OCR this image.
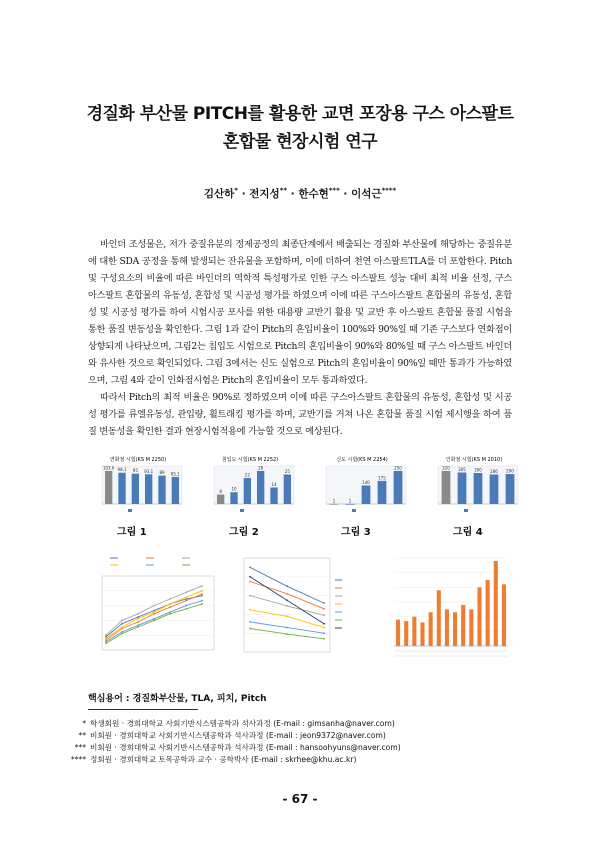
경질화 부산물 PITCH를 활용한 교면 포장용 구스 아스팔트
혼합물 현장시험 연구
김산하* · 전지성** · 한수현*** · 이석근****

바인더 조성물은, 저가 중질유분의 정제공정의 최종단계에서 배출되는 경질화 부산물에 해당하는 중질유분에 대한 SDA 공정을 통해 발생되는 잔유물을 포함하며, 이에 더하여 천연 아스팔트TLA를 더 포함한다. Pitch 및 구성요소의 비율에 따른 바인더의 역학적 특성평가로 인한 구스 아스팔트 성능 대비 최적 비율 선정, 구스 아스팔트 혼합물의 유동성, 혼합성 및 시공성 평가를 하였으며 이에 따른 구스아스팔트 혼합물의 유동성, 혼합성 및 시공성 평가를 하여 시험시공 포사를 위한 대용량 교반기 활용 및 교반 후 아스팔트 혼합물 품질 시험을 통한 품질 변동성을 확인한다. 그림 1과 같이 Pitch의 혼입비율이 100%와 90%일 때 기존 구스보다 연화점이 상향되게 나타났으며, 그림2는 침입도 시험으로 Pitch의 혼입비율이 90%와 80%일 때 구스 아스팔트 바인더와 유사한 것으로 확인되었다. 그림 3에서는 신도 실험으로 Pitch의 혼입비율이 90%일 때만 통과가 가능하였으며, 그림 4와 같이 인화점시험은 Pitch의 혼입비율이 모두 통과하였다.

따라서 Pitch의 최적 비율은 90%로 정하였으며 이에 따른 구스아스팔트 혼합물의 유동성, 혼합성 및 시공성 평가를 류엘유동성, 관입량, 휠트래킹 평가를 하며, 교반기를 거쳐 나온 혼합물 품질 시험 제시행을 하여 품질 변동성을 확인한 결과 현장시험적용에 가능할 것으로 예상된다.

연화점 시험(KS M 2250)
103.6 98.1 95 93.1 89 85.1
침입도 시험(KS M 2252)
8 10
22
28
14
25
신도 시험(KS M 2254)
1	1
140
175
250
인화점 시험(KS M 2010)
320 305 300 286 290
그림 1	그림 2	그림 3	그림 4
핵심용어 : 경질화부산물, TLA, 피치, Pitch
* 학생회원 · 경희대학교 사회기반시스템공학과 석사과정 (E-mail : gimsanha@naver.com)
** 비회원 · 경희대학교 사회기반시스템공학과 석사과정 (E-mail : jeon9372@naver.com)
*** 비회원 · 경희대학교 사회기반시스템공학과 석사과정 (E-mail : hansoohyuns@naver.com)
**** 정회원 · 경희대학교 토목공학과 교수 · 공학박사 (E-mail : skrhee@khu.ac.kr)
- 67 -
